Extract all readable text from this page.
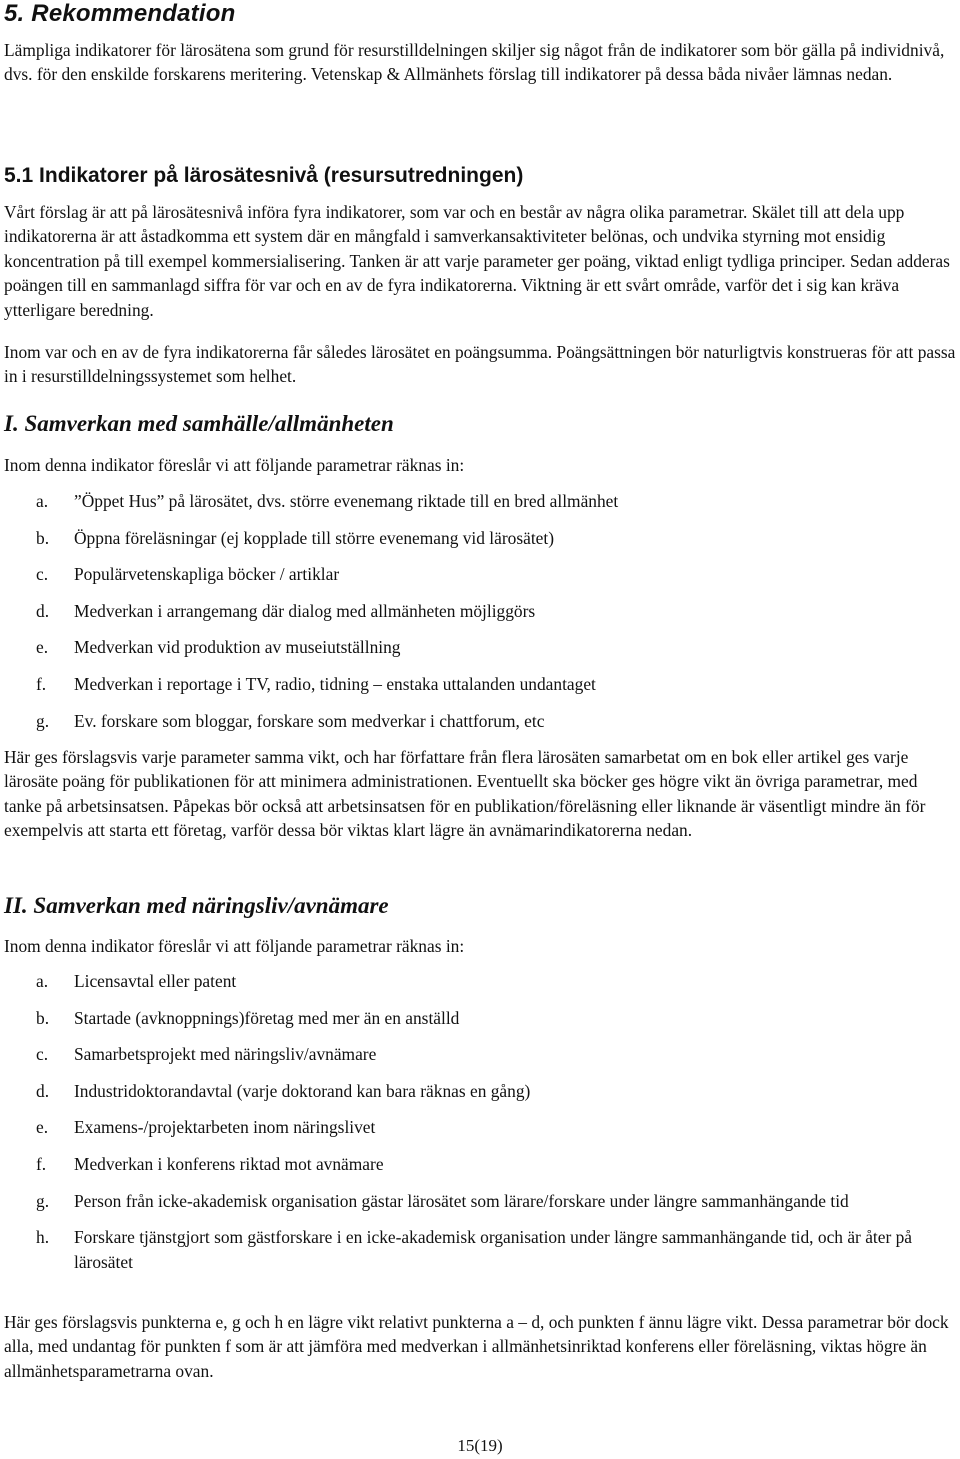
5. Rekommendation

Lämpliga indikatorer för lärosätena som grund för resurstilldelningen skiljer sig något från de indikatorer som bör gälla på individnivå, dvs. för den enskilde forskarens meritering. Vetenskap & Allmänhets förslag till indikatorer på dessa båda nivåer lämnas nedan.

5.1 Indikatorer på lärosätesnivå (resursutredningen)

Vårt förslag är att på lärosätesnivå införa fyra indikatorer, som var och en består av några olika parametrar. Skälet till att dela upp indikatorerna är att åstadkomma ett system där en mångfald i samverkansaktiviteter belönas, och undvika styrning mot ensidig koncentration på till exempel kommersialisering. Tanken är att varje parameter ger poäng, viktad enligt tydliga principer. Sedan adderas poängen till en sammanlagd siffra för var och en av de fyra indikatorerna. Viktning är ett svårt område, varför det i sig kan kräva ytterligare beredning.

Inom var och en av de fyra indikatorerna får således lärosätet en poängsumma. Poängsättningen bör naturligtvis konstrueras för att passa in i resurstilldelningssystemet som helhet.

I. Samverkan med samhälle/allmänheten

Inom denna indikator föreslår vi att följande parametrar räknas in:

a. ”Öppet Hus” på lärosätet, dvs. större evenemang riktade till en bred allmänhet
b. Öppna föreläsningar (ej kopplade till större evenemang vid lärosätet)
c. Populärvetenskapliga böcker / artiklar
d. Medverkan i arrangemang där dialog med allmänheten möjliggörs
e. Medverkan vid produktion av museiutställning
f. Medverkan i reportage i TV, radio, tidning – enstaka uttalanden undantaget
g. Ev. forskare som bloggar, forskare som medverkar i chattforum, etc

Här ges förslagsvis varje parameter samma vikt, och har författare från flera lärosäten samarbetat om en bok eller artikel ges varje lärosäte poäng för publikationen för att minimera administrationen. Eventuellt ska böcker ges högre vikt än övriga parametrar, med tanke på arbetsinsatsen. Påpekas bör också att arbetsinsatsen för en publikation/föreläsning eller liknande är väsentligt mindre än för exempelvis att starta ett företag, varför dessa bör viktas klart lägre än avnämarindikatorerna nedan.

II. Samverkan med näringsliv/avnämare

Inom denna indikator föreslår vi att följande parametrar räknas in:

a. Licensavtal eller patent
b. Startade (avknoppnings)företag med mer än en anställd
c. Samarbetsprojekt med näringsliv/avnämare
d. Industridoktorandavtal (varje doktorand kan bara räknas en gång)
e. Examens-/projektarbeten inom näringslivet
f. Medverkan i konferens riktad mot avnämare
g. Person från icke-akademisk organisation gästar lärosätet som lärare/forskare under längre sammanhängande tid
h. Forskare tjänstgjort som gästforskare i en icke-akademisk organisation under längre sammanhängande tid, och är åter på lärosätet

Här ges förslagsvis punkterna e, g och h en lägre vikt relativt punkterna a – d, och punkten f ännu lägre vikt. Dessa parametrar bör dock alla, med undantag för punkten f som är att jämföra med medverkan i allmänhetsinriktad konferens eller föreläsning, viktas högre än allmänhetsparametrarna ovan.

15(19)
